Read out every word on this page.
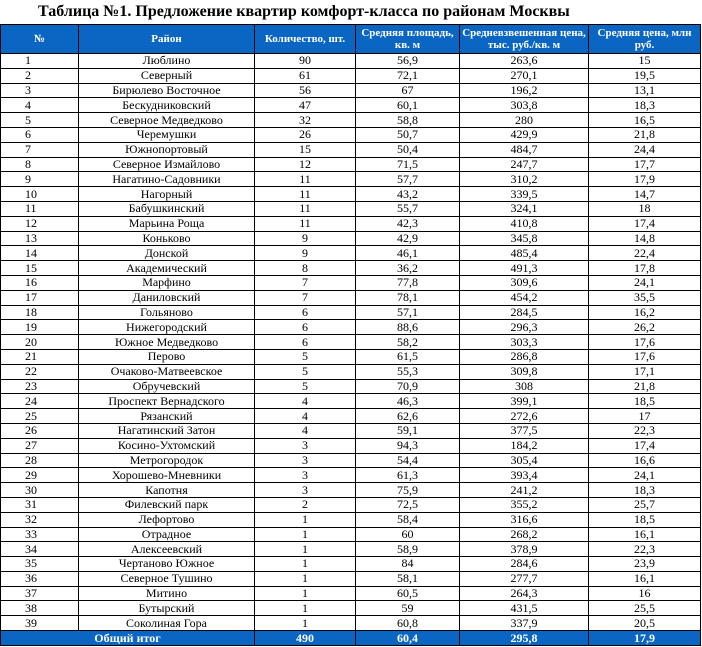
Таблица №1. Предложение квартир комфорт-класса по районам Москвы
№	Район	Количество, шт.	Средняя площадь, кв. м	Средневзвешенная цена, тыс. руб./кв. м	Средняя цена, млн руб.
1	Люблино	90	56,9	263,6	15
2	Северный	61	72,1	270,1	19,5
3	Бирюлево Восточное	56	67	196,2	13,1
4	Бескудниковский	47	60,1	303,8	18,3
5	Северное Медведково	32	58,8	280	16,5
6	Черемушки	26	50,7	429,9	21,8
7	Южнопортовый	15	50,4	484,7	24,4
8	Северное Измайлово	12	71,5	247,7	17,7
9	Нагатино-Садовники	11	57,7	310,2	17,9
10	Нагорный	11	43,2	339,5	14,7
11	Бабушкинский	11	55,7	324,1	18
12	Марьина Роща	11	42,3	410,8	17,4
13	Коньково	9	42,9	345,8	14,8
14	Донской	9	46,1	485,4	22,4
15	Академический	8	36,2	491,3	17,8
16	Марфино	7	77,8	309,6	24,1
17	Даниловский	7	78,1	454,2	35,5
18	Гольяново	6	57,1	284,5	16,2
19	Нижегородский	6	88,6	296,3	26,2
20	Южное Медведково	6	58,2	303,3	17,6
21	Перово	5	61,5	286,8	17,6
22	Очаково-Матвеевское	5	55,3	309,8	17,1
23	Обручевский	5	70,9	308	21,8
24	Проспект Вернадского	4	46,3	399,1	18,5
25	Рязанский	4	62,6	272,6	17
26	Нагатинский Затон	4	59,1	377,5	22,3
27	Косино-Ухтомский	3	94,3	184,2	17,4
28	Метрогородок	3	54,4	305,4	16,6
29	Хорошево-Мневники	3	61,3	393,4	24,1
30	Капотня	3	75,9	241,2	18,3
31	Филевский парк	2	72,5	355,2	25,7
32	Лефортово	1	58,4	316,6	18,5
33	Отрадное	1	60	268,2	16,1
34	Алексеевский	1	58,9	378,9	22,3
35	Чертаново Южное	1	84	284,6	23,9
36	Северное Тушино	1	58,1	277,7	16,1
37	Митино	1	60,5	264,3	16
38	Бутырский	1	59	431,5	25,5
39	Соколиная Гора	1	60,8	337,9	20,5
Общий итог		490	60,4	295,8	17,9
